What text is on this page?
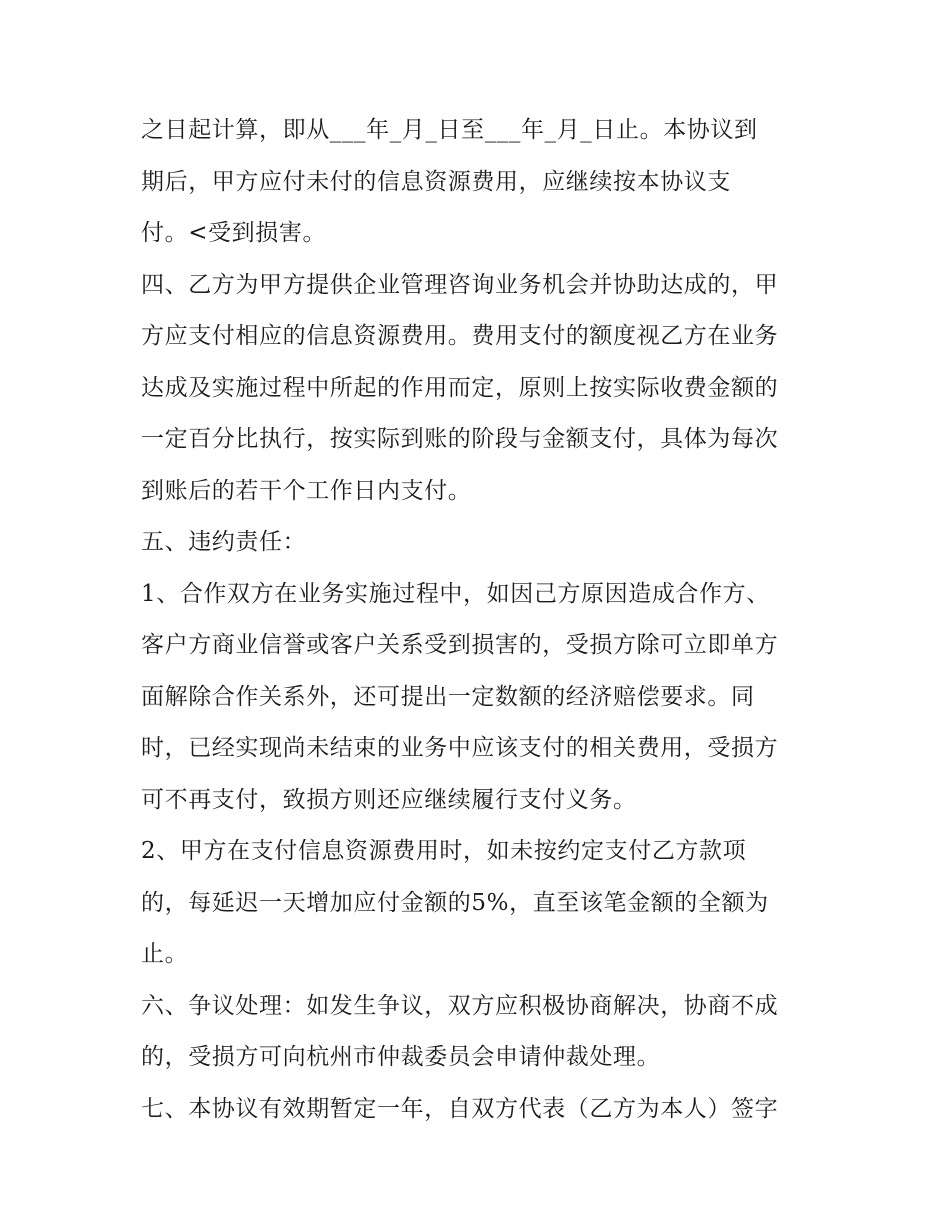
之日起计算，即从___年_月_日至___年_月_日止。本协议到
期后，甲方应付未付的信息资源费用，应继续按本协议支
付。<受到损害。
四、乙方为甲方提供企业管理咨询业务机会并协助达成的，甲
方应支付相应的信息资源费用。费用支付的额度视乙方在业务
达成及实施过程中所起的作用而定，原则上按实际收费金额的
一定百分比执行，按实际到账的阶段与金额支付，具体为每次
到账后的若干个工作日内支付。
五、违约责任：
1、合作双方在业务实施过程中，如因己方原因造成合作方、
客户方商业信誉或客户关系受到损害的，受损方除可立即单方
面解除合作关系外，还可提出一定数额的经济赔偿要求。同
时，已经实现尚未结束的业务中应该支付的相关费用，受损方
可不再支付，致损方则还应继续履行支付义务。
2、甲方在支付信息资源费用时，如未按约定支付乙方款项
的，每延迟一天增加应付金额的5%，直至该笔金额的全额为
止。
六、争议处理：如发生争议，双方应积极协商解决，协商不成
的，受损方可向杭州市仲裁委员会申请仲裁处理。
七、本协议有效期暂定一年，自双方代表（乙方为本人）签字
